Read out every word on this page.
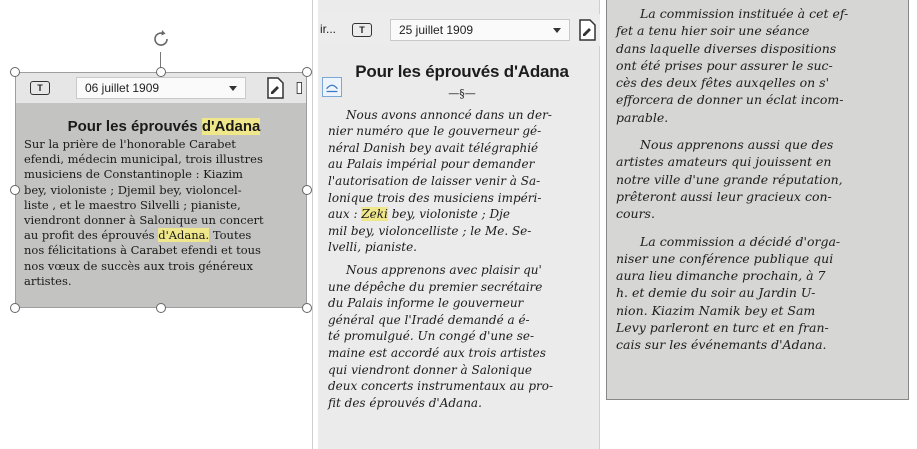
T	06 juillet 1909
Pour les éprouvés d'Adana
Sur la prière de l'honorable Carabet
efendi, médecin municipal, trois illustres
musiciens de Constantinople : Kiazim
bey, violoniste ; Djemil bey, violoncel-
liste , et le maestro Silvelli ; pianiste,
viendront donner à Salonique un concert
au profit des éprouvés d'Adana. Toutes
nos félicitations à Carabet efendi et tous
nos vœux de succès aux trois généreux
artistes.
T	25 juillet 1909
ir...
Pour les éprouvés d'Adana
—§—
Nous avons annoncé dans un der-
nier numéro que le gouverneur gé-
néral Danish bey avait télégraphié
au Palais impérial pour demander
l'autorisation de laisser venir à Sa-
lonique trois des musiciens impéri-
aux : Zeki bey, violoniste ; Dje
mil bey, violoncelliste ; le Me. Se-
lvelli, pianiste.
Nous apprenons avec plaisir qu'
une dépêche du premier secrétaire
du Palais informe le gouverneur
général que l'Iradé demandé a é-
té promulgué. Un congé d'une se-
maine est accordé aux trois artistes
qui viendront donner à Salonique
deux concerts instrumentaux au pro-
fit des éprouvés d'Adana.
La commission instituée à cet ef-
fet a tenu hier soir une séance
dans laquelle diverses dispositions
ont été prises pour assurer le suc-
cès des deux fêtes auxqelles on s'
efforcera de donner un éclat incom-
parable.
Nous apprenons aussi que des
artistes amateurs qui jouissent en
notre ville d'une grande réputation,
prêteront aussi leur gracieux con-
cours.
La commission a décidé d'orga-
niser une conférence publique qui
aura lieu dimanche prochain, à 7
h. et demie du soir au Jardin U-
nion. Kiazim Namik bey et Sam
Levy parleront en turc et en fran-
cais sur les événemants d'Adana.
